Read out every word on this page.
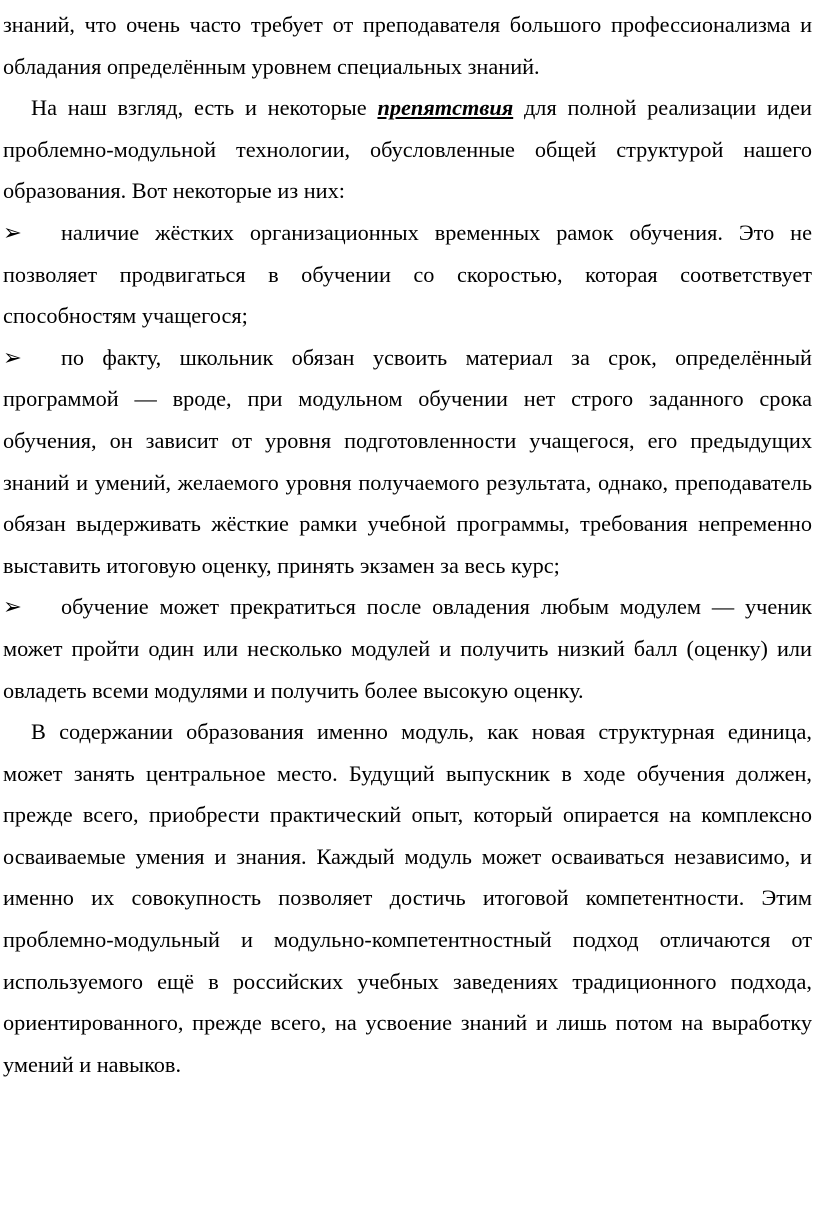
знаний, что очень часто требует от преподавателя большого профессионализма и обладания определённым уровнем специальных знаний.

На наш взгляд, есть и некоторые препятствия для полной реализации идеи проблемно-модульной технологии, обусловленные общей структурой нашего образования. Вот некоторые из них:

➢ наличие жёстких организационных временных рамок обучения. Это не позволяет продвигаться в обучении со скоростью, которая соответствует способностям учащегося;

➢ по факту, школьник обязан усвоить материал за срок, определённый программой — вроде, при модульном обучении нет строго заданного срока обучения, он зависит от уровня подготовленности учащегося, его предыдущих знаний и умений, желаемого уровня получаемого результата, однако, преподаватель обязан выдерживать жёсткие рамки учебной программы, требования непременно выставить итоговую оценку, принять экзамен за весь курс;

➢ обучение может прекратиться после овладения любым модулем — ученик может пройти один или несколько модулей и получить низкий балл (оценку) или овладеть всеми модулями и получить более высокую оценку.

В содержании образования именно модуль, как новая структурная единица, может занять центральное место. Будущий выпускник в ходе обучения должен, прежде всего, приобрести практический опыт, который опирается на комплексно осваиваемые умения и знания. Каждый модуль может осваиваться независимо, и именно их совокупность позволяет достичь итоговой компетентности. Этим проблемно-модульный и модульно-компетентностный подход отличаются от используемого ещё в российских учебных заведениях традиционного подхода, ориентированного, прежде всего, на усвоение знаний и лишь потом на выработку умений и навыков.
